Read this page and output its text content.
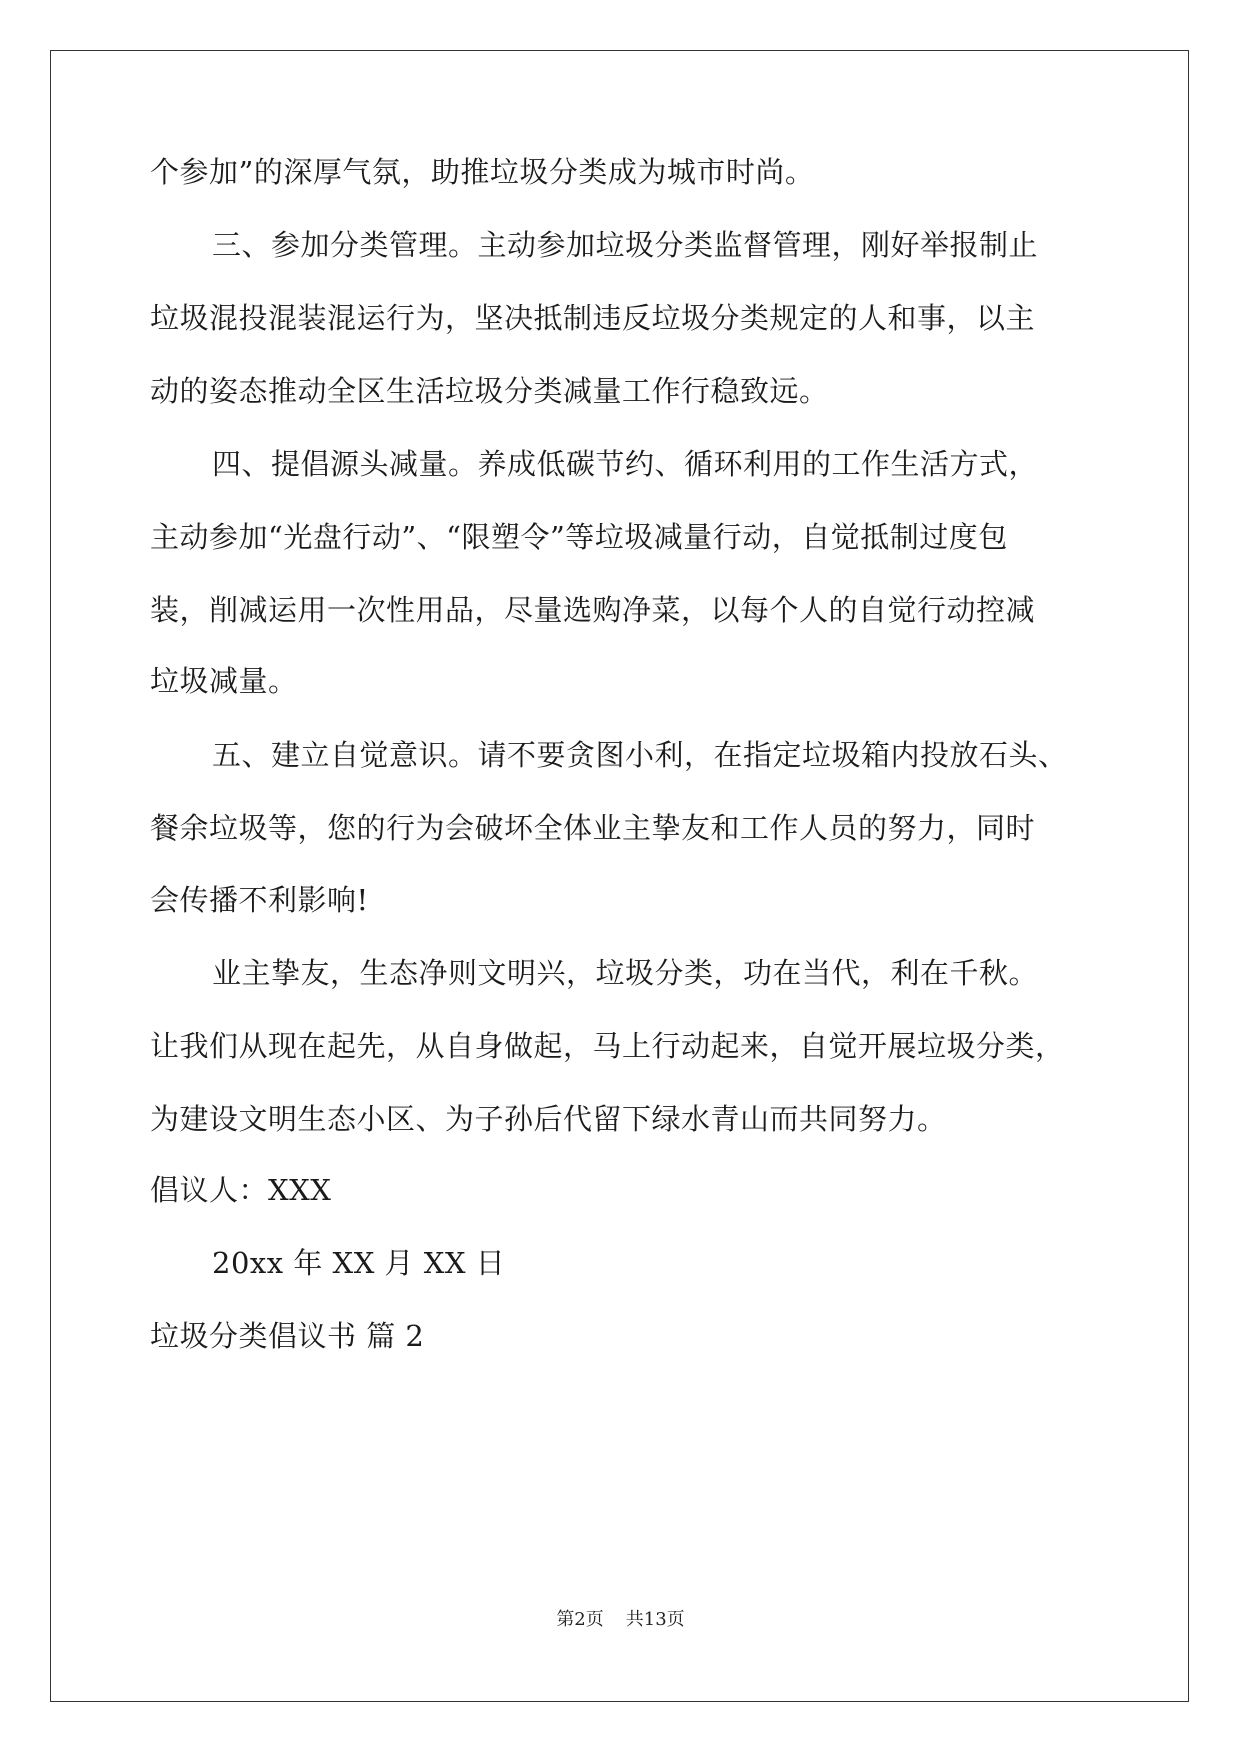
个参加”的深厚气氛，助推垃圾分类成为城市时尚。
三、参加分类管理。主动参加垃圾分类监督管理，刚好举报制止
垃圾混投混装混运行为，坚决抵制违反垃圾分类规定的人和事，以主
动的姿态推动全区生活垃圾分类减量工作行稳致远。
四、提倡源头减量。养成低碳节约、循环利用的工作生活方式，
主动参加“光盘行动”、“限塑令”等垃圾减量行动，自觉抵制过度包
装，削减运用一次性用品，尽量选购净菜，以每个人的自觉行动控减
垃圾减量。
五、建立自觉意识。请不要贪图小利，在指定垃圾箱内投放石头、
餐余垃圾等，您的行为会破坏全体业主挚友和工作人员的努力，同时
会传播不利影响!
业主挚友，生态净则文明兴，垃圾分类，功在当代，利在千秋。
让我们从现在起先，从自身做起，马上行动起来，自觉开展垃圾分类，
为建设文明生态小区、为子孙后代留下绿水青山而共同努力。
倡议人：XXX
20xx 年 XX 月 XX 日
垃圾分类倡议书 篇 2
第2页 共13页
